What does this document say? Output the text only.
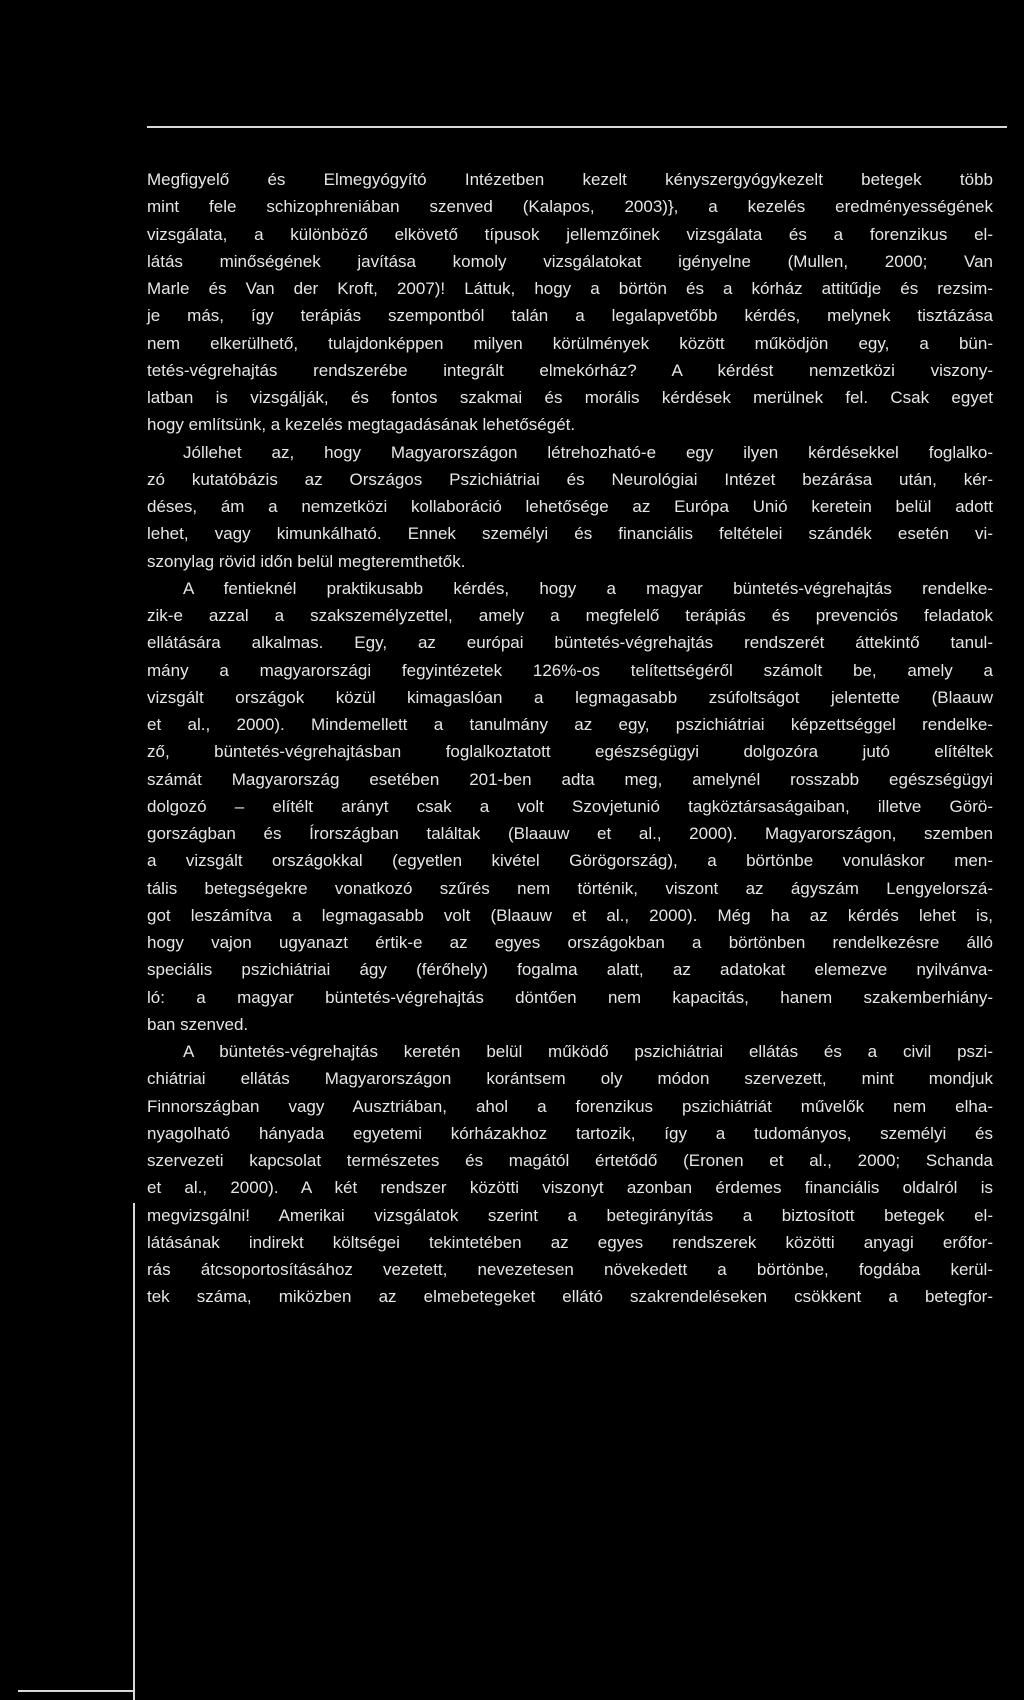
Megfigyelő és Elmegyógyító Intézetben kezelt kényszergyógykezelt betegek több
mint fele schizophreniában szenved (Kalapos, 2003)}, a kezelés eredményességének
vizsgálata, a különböző elkövető típusok jellemzőinek vizsgálata és a forenzikus el-
látás minőségének javítása komoly vizsgálatokat igényelne (Mullen, 2000; Van
Marle és Van der Kroft, 2007)! Láttuk, hogy a börtön és a kórház attitűdje és rezsim-
je más, így terápiás szempontból talán a legalapvetőbb kérdés, melynek tisztázása
nem elkerülhető, tulajdonképpen milyen körülmények között működjön egy, a bün-
tetés-végrehajtás rendszerébe integrált elmekórház? A kérdést nemzetközi viszony-
latban is vizsgálják, és fontos szakmai és morális kérdések merülnek fel. Csak egyet
hogy említsünk, a kezelés megtagadásának lehetőségét.
Jóllehet az, hogy Magyarországon létrehozható-e egy ilyen kérdésekkel foglalko-
zó kutatóbázis az Országos Pszichiátriai és Neurológiai Intézet bezárása után, kér-
déses, ám a nemzetközi kollaboráció lehetősége az Európa Unió keretein belül adott
lehet, vagy kimunkálható. Ennek személyi és financiális feltételei szándék esetén vi-
szonylag rövid időn belül megteremthetők.
A fentieknél praktikusabb kérdés, hogy a magyar büntetés-végrehajtás rendelke-
zik-e azzal a szakszemélyzettel, amely a megfelelő terápiás és prevenciós feladatok
ellátására alkalmas. Egy, az európai büntetés-végrehajtás rendszerét áttekintő tanul-
mány a magyarországi fegyintézetek 126%-os telítettségéről számolt be, amely a
vizsgált országok közül kimagaslóan a legmagasabb zsúfoltságot jelentette (Blaauw
et al., 2000). Mindemellett a tanulmány az egy, pszichiátriai képzettséggel rendelke-
ző, büntetés-végrehajtásban foglalkoztatott egészségügyi dolgozóra jutó elítéltek
számát Magyarország esetében 201-ben adta meg, amelynél rosszabb egészségügyi
dolgozó – elítélt arányt csak a volt Szovjetunió tagköztársaságaiban, illetve Görö-
gországban és Írországban találtak (Blaauw et al., 2000). Magyarországon, szemben
a vizsgált országokkal (egyetlen kivétel Görögország), a börtönbe vonuláskor men-
tális betegségekre vonatkozó szűrés nem történik, viszont az ágyszám Lengyelorszá-
got leszámítva a legmagasabb volt (Blaauw et al., 2000). Még ha az kérdés lehet is,
hogy vajon ugyanazt értik-e az egyes országokban a börtönben rendelkezésre álló
speciális pszichiátriai ágy (férőhely) fogalma alatt, az adatokat elemezve nyilvánva-
ló: a magyar büntetés-végrehajtás döntően nem kapacitás, hanem szakemberhiány-
ban szenved.
A büntetés-végrehajtás keretén belül működő pszichiátriai ellátás és a civil pszi-
chiátriai ellátás Magyarországon korántsem oly módon szervezett, mint mondjuk
Finnországban vagy Ausztriában, ahol a forenzikus pszichiátriát művelők nem elha-
nyagolható hányada egyetemi kórházakhoz tartozik, így a tudományos, személyi és
szervezeti kapcsolat természetes és magától értetődő (Eronen et al., 2000; Schanda
et al., 2000). A két rendszer közötti viszonyt azonban érdemes financiális oldalról is
megvizsgálni! Amerikai vizsgálatok szerint a betegirányítás a biztosított betegek el-
látásának indirekt költségei tekintetében az egyes rendszerek közötti anyagi erőfor-
rás átcsoportosításához vezetett, nevezetesen növekedett a börtönbe, fogdába kerül-
tek száma, miközben az elmebetegeket ellátó szakrendeléseken csökkent a betegfor-
